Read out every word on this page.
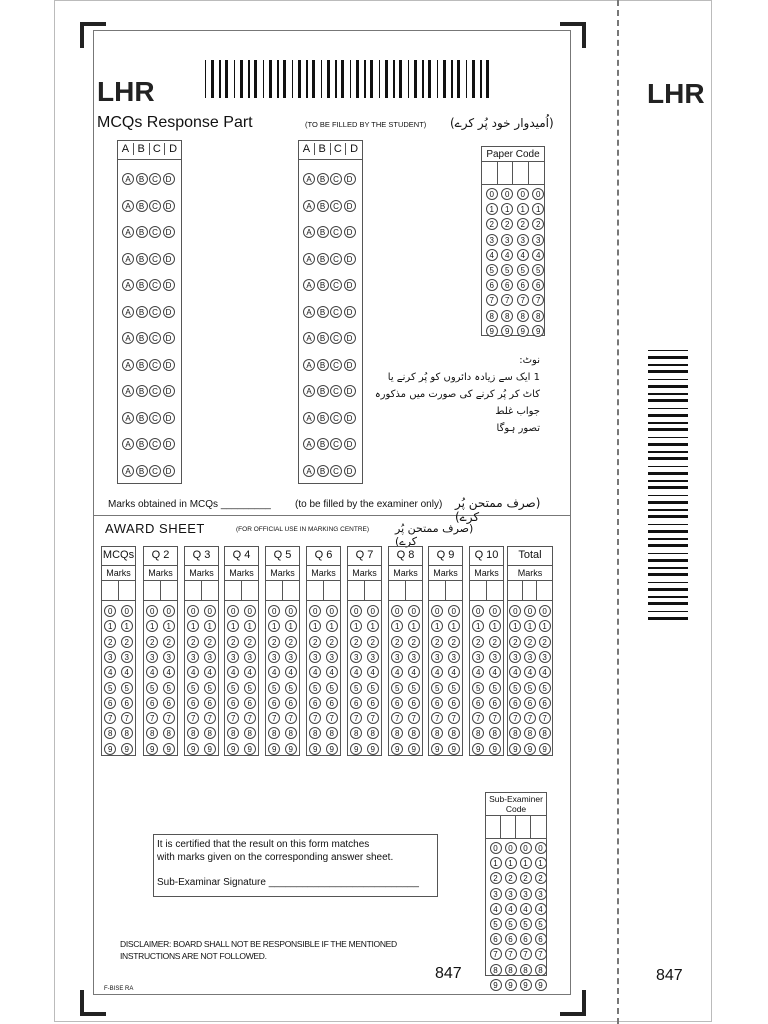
LHR
MCQs Response Part	(TO BE FILLED BY THE STUDENT) (اُمیدوار خود پُر کرے)
A B C D
A	B C D
A	B C D
A	B C D
A	B C D
A	B C D
A	B C D
A	B C D
A	B C D
A	B C D
A	B C D
A	B C D
A	B C D
A B C D
A	B C D
A	B C D
A	B C D
A	B C D
A	B C D
A	B C D
A	B C D
A	B C D
A	B C D
A	B C D
A	B C D
A	B C D
Paper Code
0	0	0	0
1	1	1	1
2	2	2	2
3	3	3	3
4	4	4	4
5	5	5	5
6	6	6	6
7	7	7	7
8	8	8	8
9	9	9	9
نوٹ:
1 ایک سے زیادہ دائروں کو پُر کرنے یا
کاٹ کر پُر کرنے کی صورت میں مذکورہ جواب غلط
تصور ہوگا
Marks obtained in MCQs _________ (to be filled by the examiner only) (صرف ممتحن پُر کرے)
AWARD SHEET	(FOR OFFICIAL USE IN MARKING CENTRE) (صرف ممتحن پُر کرے)
MCQs
Marks
0	0
1	1
2	2
3	3
4	4
5	5
6	6
7	7
8	8
9	9
Q 2
Marks
0	0
1	1
2	2
3	3
4	4
5	5
6	6
7	7
8	8
9	9
Q 3
Marks
0	0
1	1
2	2
3	3
4	4
5	5
6	6
7	7
8	8
9	9
Q 4
Marks
0	0
1	1
2	2
3	3
4	4
5	5
6	6
7	7
8	8
9	9
Q 5
Marks
0	0
1	1
2	2
3	3
4	4
5	5
6	6
7	7
8	8
9	9
Q 6
Marks
0	0
1	1
2	2
3	3
4	4
5	5
6	6
7	7
8	8
9	9
Q 7
Marks
0	0
1	1
2	2
3	3
4	4
5	5
6	6
7	7
8	8
9	9
Q 8
Marks
0	0
1	1
2	2
3	3
4	4
5	5
6	6
7	7
8	8
9	9
Q 9
Marks
0	0
1	1
2	2
3	3
4	4
5	5
6	6
7	7
8	8
9	9
Q 10
Marks
0	0
1	1
2	2
3	3
4	4
5	5
6	6
7	7
8	8
9	9
Total
Marks
0	0	0
1	1	1
2	2	2
3	3	3
4	4	4
5	5	5
6	6	6
7	7	7
8	8	8
9	9	9
Sub-Examiner Code
0	0	0	0
1	1	1	1
2	2	2	2
3	3	3	3
4	4	4	4
5	5	5	5
6	6	6	6
7	7	7	7
8	8	8	8
9	9	9	9
It is certified that the result on this form matches
with marks given on the corresponding answer sheet.
Sub-Examinar Signature ___________________________
DISCLAIMER: BOARD SHALL NOT BE RESPONSIBLE IF THE MENTIONED
INSTRUCTIONS ARE NOT FOLLOWED.
847
F-BISE RA
LHR
847
